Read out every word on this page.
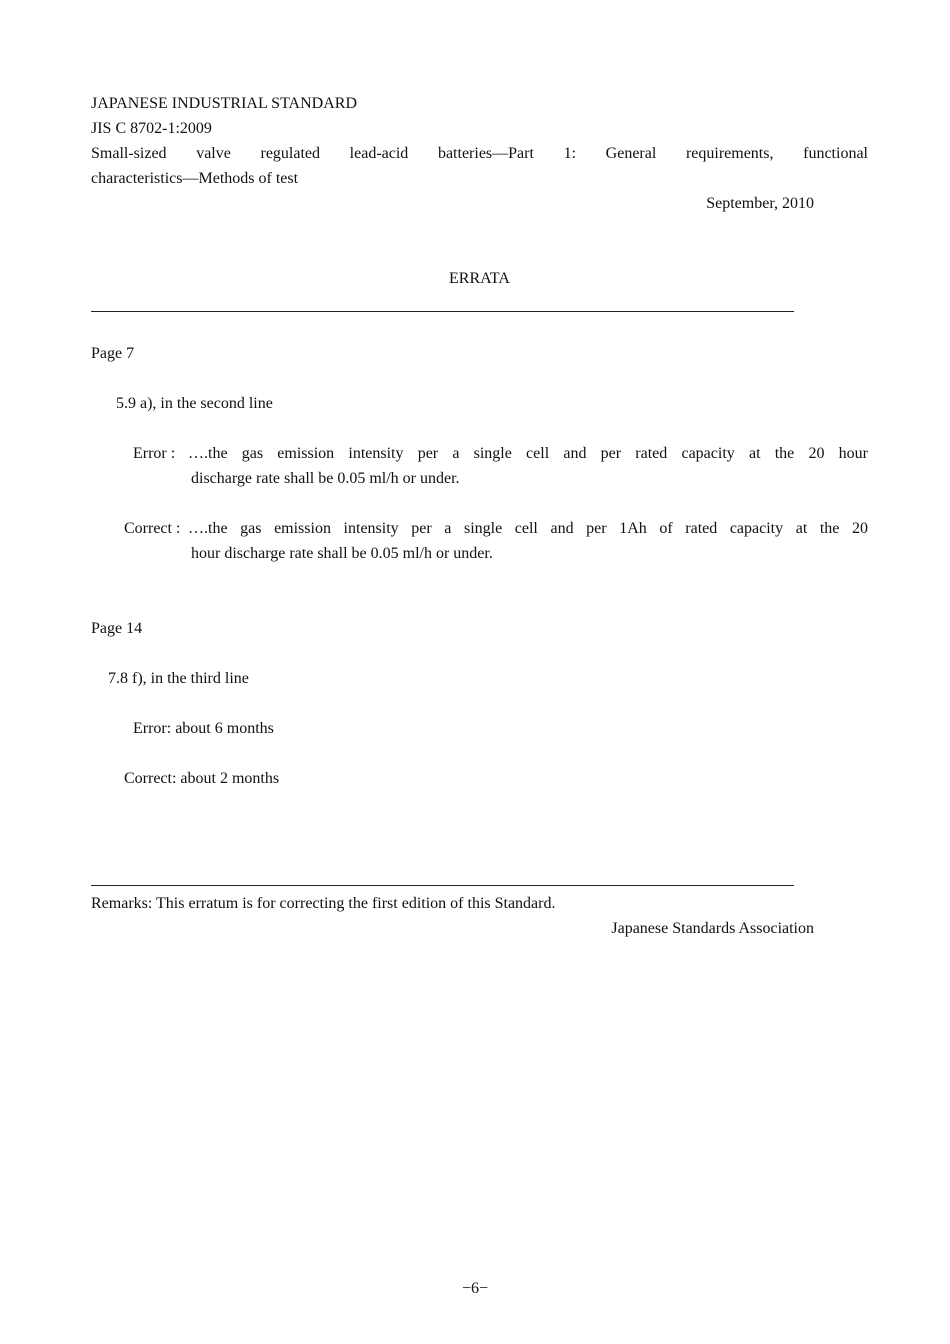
JAPANESE INDUSTRIAL STANDARD
JIS C 8702-1:2009
Small-sized valve regulated lead-acid batteries—Part 1: General requirements, functional
characteristics—Methods of test
September, 2010
ERRATA
Page 7
5.9 a), in the second line
Error : ….the gas emission intensity per a single cell and per rated capacity at the 20 hour
discharge rate shall be 0.05 ml/h or under.
Correct : ….the gas emission intensity per a single cell and per 1Ah of rated capacity at the 20
hour discharge rate shall be 0.05 ml/h or under.
Page 14
7.8 f), in the third line
Error: about 6 months
Correct: about 2 months
Remarks: This erratum is for correcting the first edition of this Standard.
Japanese Standards Association
−6−
